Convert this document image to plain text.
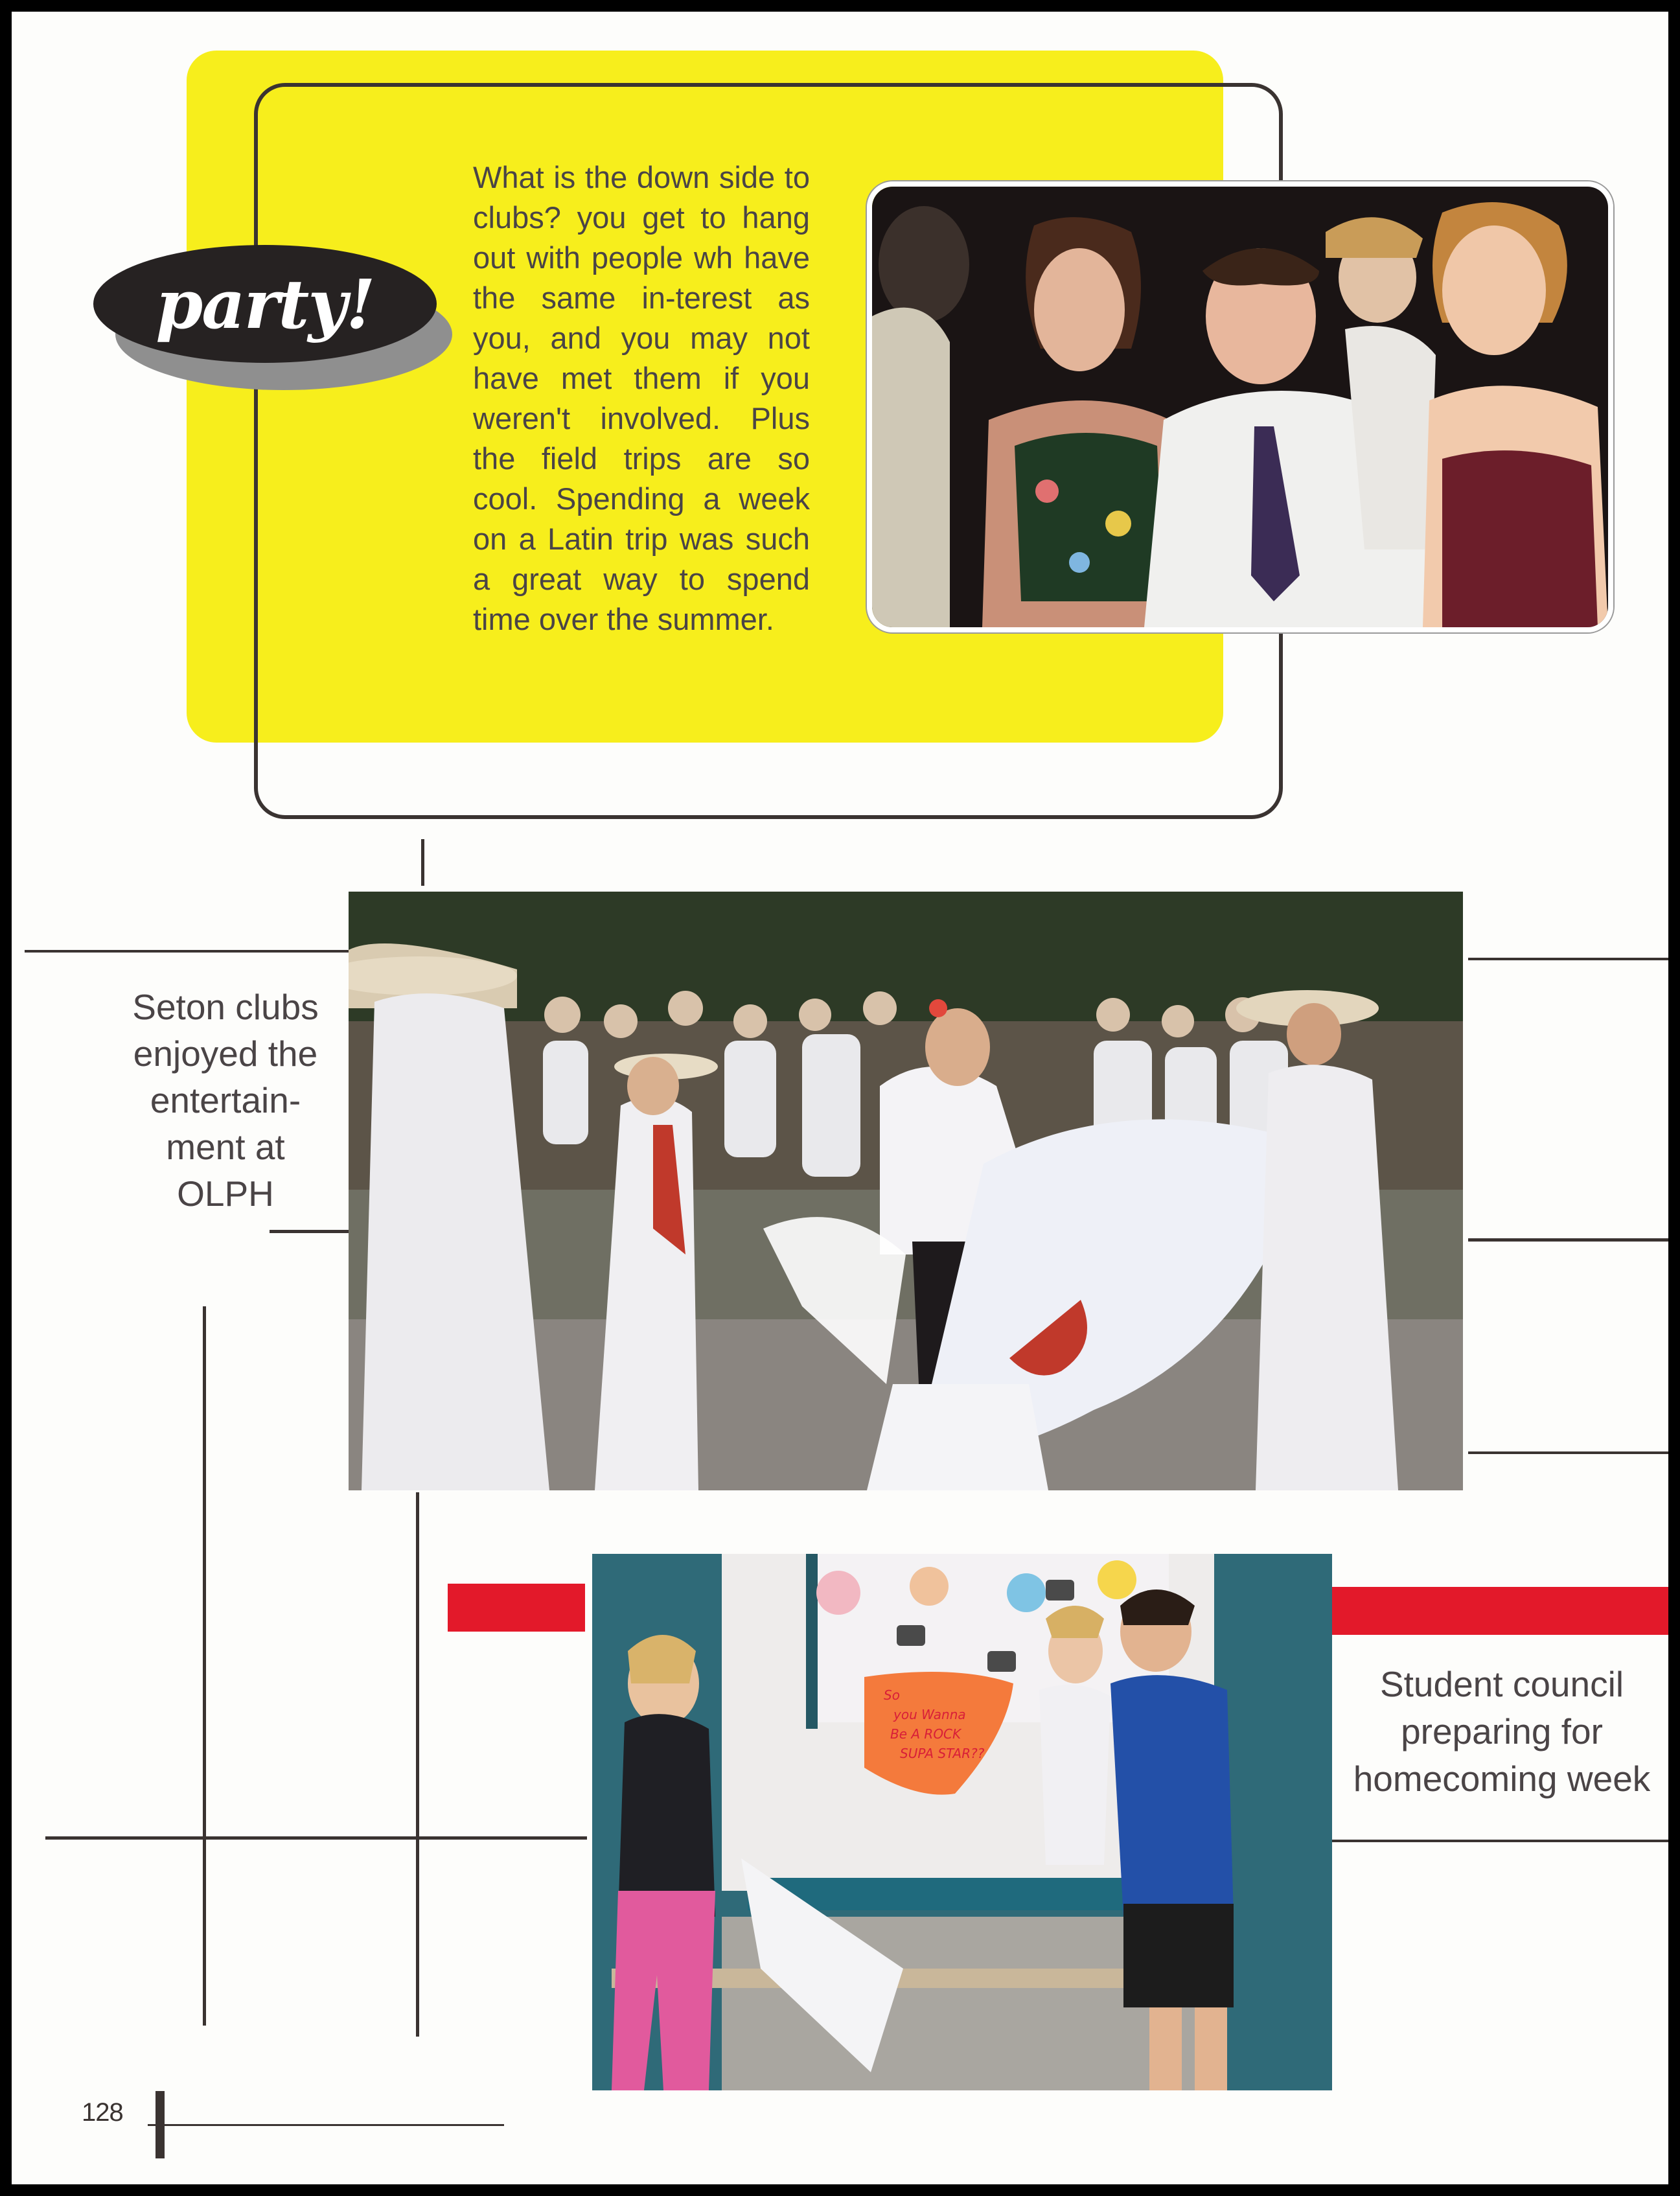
party!
What is the down side to clubs? you get to hang out with people wh have the same in-terest as you, and you may not have met them if you weren't involved. Plus the field trips are so cool. Spending a week on a Latin trip was such a great way to spend time over the summer.
Seton clubs
enjoyed the
entertain-
ment at
OLPH
So
you Wanna
Be A ROCK
SUPA STAR??
Student council
preparing for
homecoming week
128
